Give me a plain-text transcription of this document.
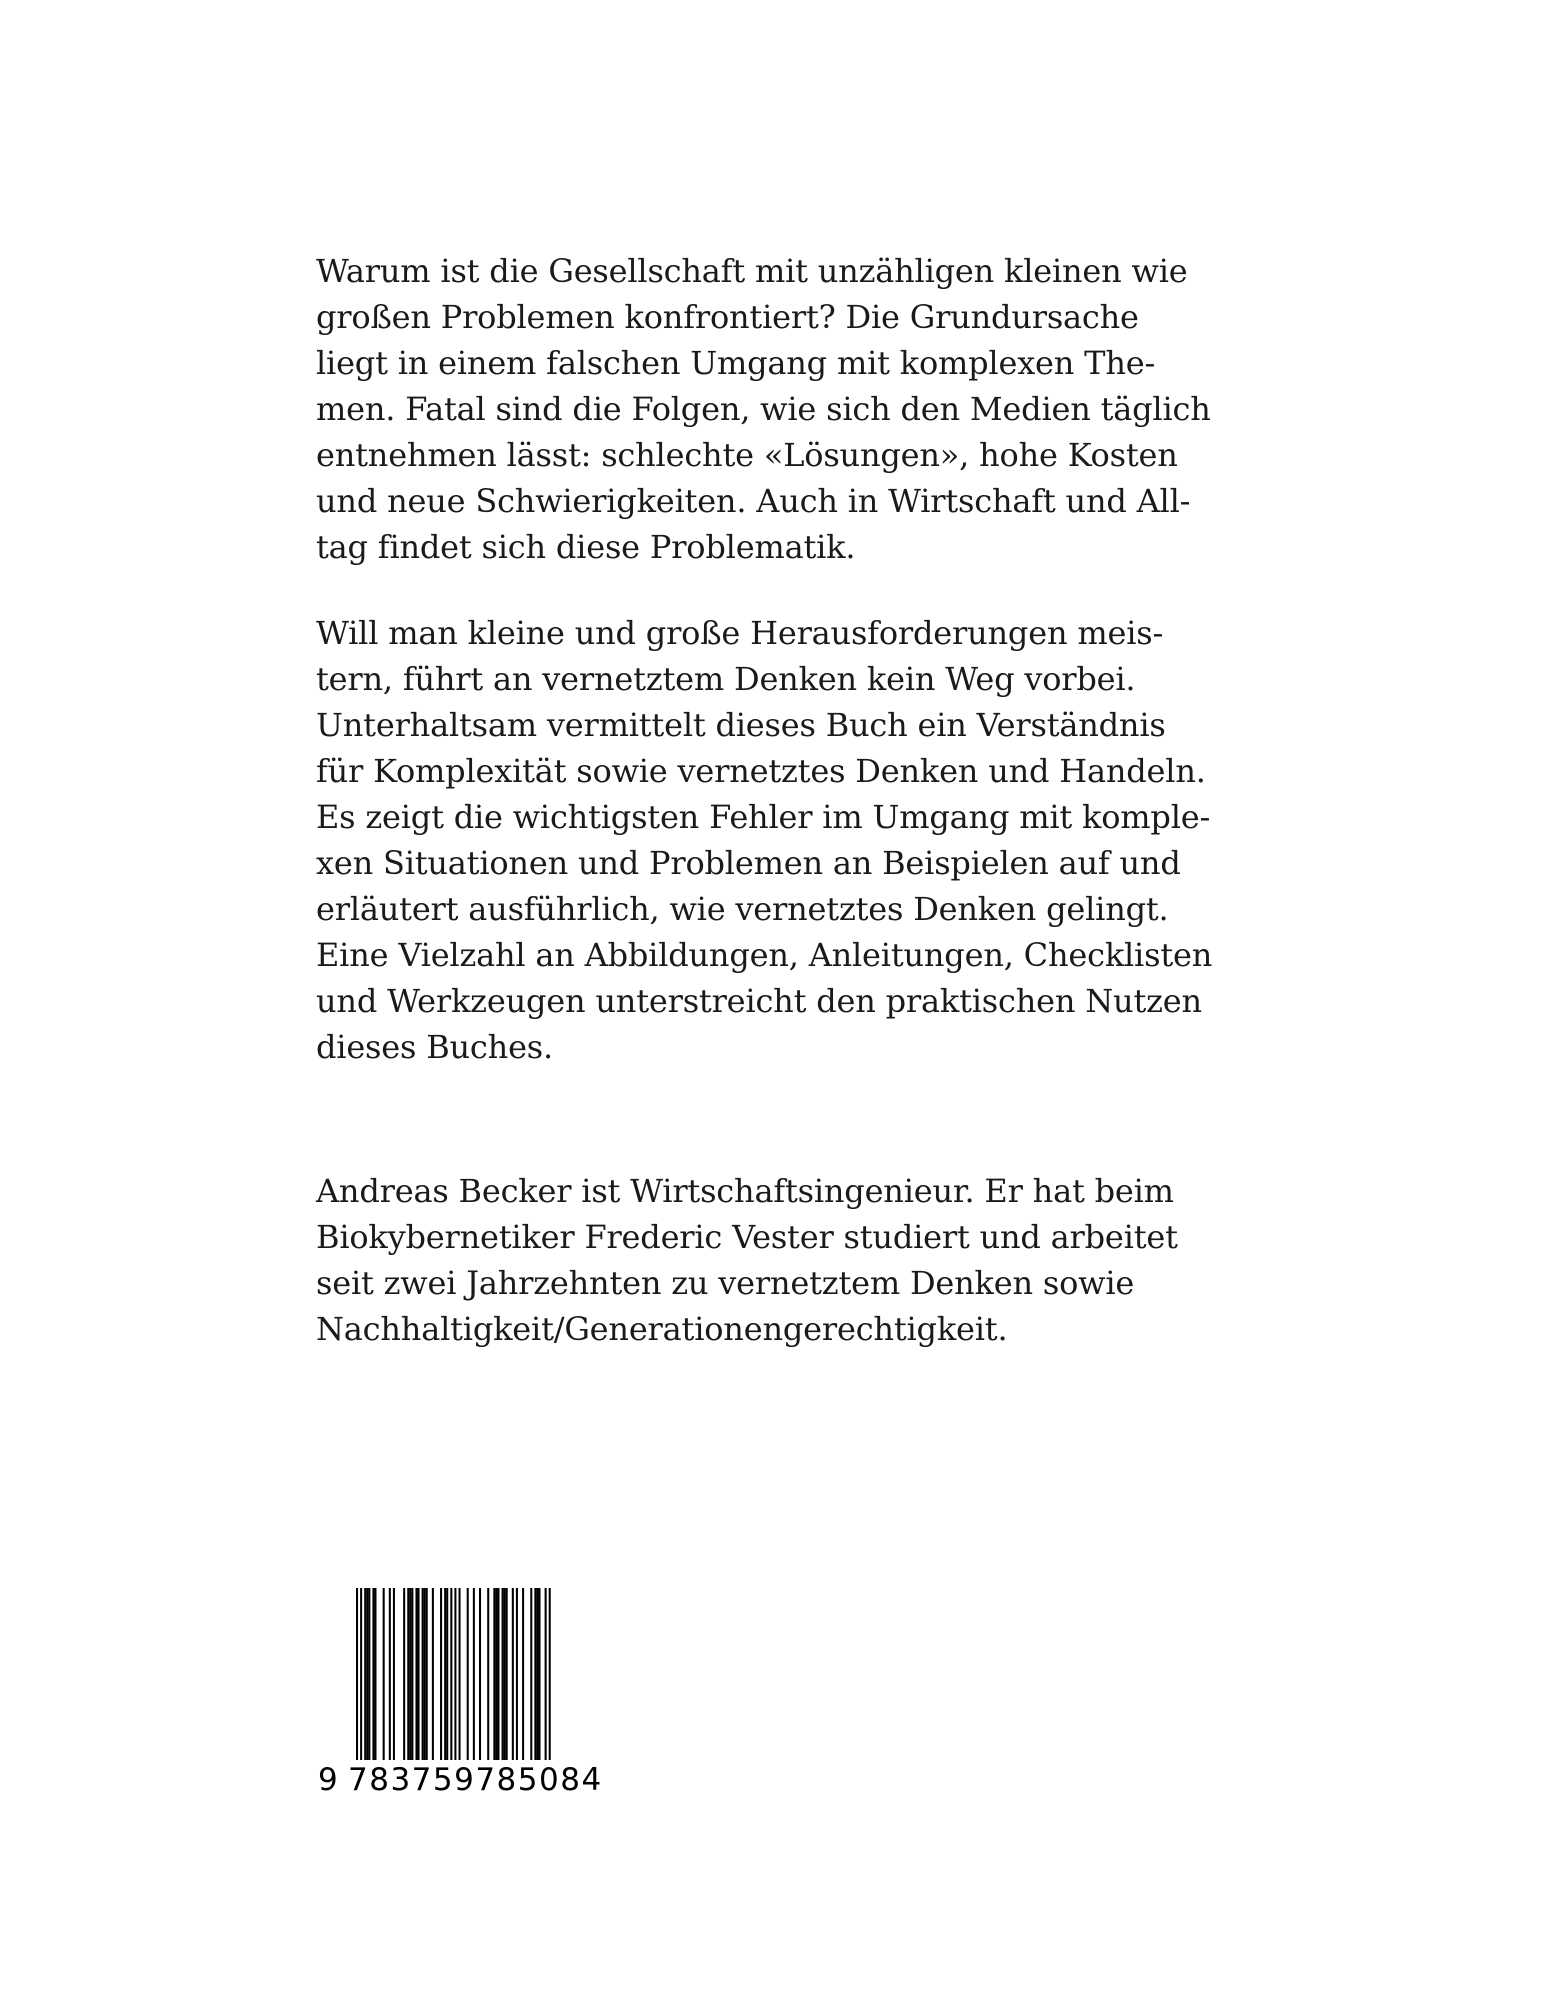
Warum ist die Gesellschaft mit unzähligen kleinen wie
großen Problemen konfrontiert? Die Grundursache
liegt in einem falschen Umgang mit komplexen The-
men. Fatal sind die Folgen, wie sich den Medien täglich
entnehmen lässt: schlechte «Lösungen», hohe Kosten
und neue Schwierigkeiten. Auch in Wirtschaft und All-
tag findet sich diese Problematik.
Will man kleine und große Herausforderungen meis-
tern, führt an vernetztem Denken kein Weg vorbei.
Unterhaltsam vermittelt dieses Buch ein Verständnis
für Komplexität sowie vernetztes Denken und Handeln.
Es zeigt die wichtigsten Fehler im Umgang mit komple-
xen Situationen und Problemen an Beispielen auf und
erläutert ausführlich, wie vernetztes Denken gelingt.
Eine Vielzahl an Abbildungen, Anleitungen, Checklisten
und Werkzeugen unterstreicht den praktischen Nutzen
dieses Buches.
Andreas Becker ist Wirtschaftsingenieur. Er hat beim
Biokybernetiker Frederic Vester studiert und arbeitet
seit zwei Jahrzehnten zu vernetztem Denken sowie
Nachhaltigkeit/Generationengerechtigkeit.
9 783759785084
